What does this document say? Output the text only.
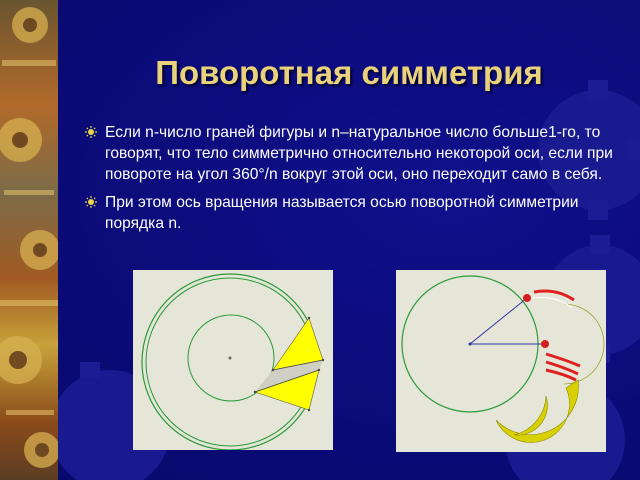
Поворотная симметрия
Если n-число граней фигуры и n–натуральное число больше1-го, то говорят, что тело симметрично относительно некоторой оси, если при повороте на угол 360°/n вокруг этой оси, оно переходит само в себя.
При этом ось вращения называется осью поворотной симметрии порядка n.
